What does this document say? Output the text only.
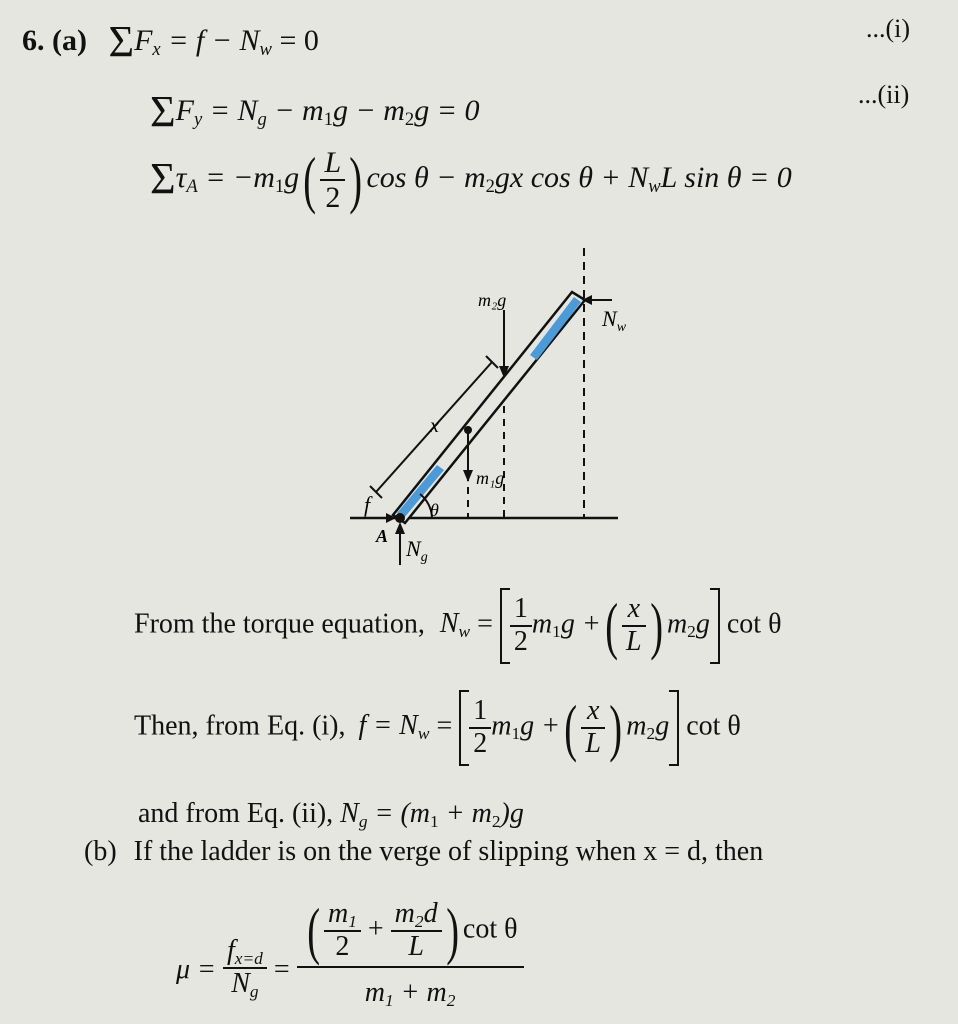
6. (a) ΣFx = f − Nw = 0	...(i)
ΣFy = Ng − m1g − m2g = 0	...(ii)
$\Sigma\tau A = -m1g( \frac{L}{2}$ ) cos θ − m2gx cos θ + NwL sin θ = 0
m₂g
$N_w$
x
m₁g
θ
f
A $N_g$
From the torque equation, $Nw = \frac{1}{2} m1g$ +( $\frac{x}{L}$ ) m2g cot θ
Then, from Eq. (i), $f = Nw = \frac{1}{2} m1g$ +( $\frac{x}{L}$ ) m2g cot θ
and from Eq. (ii), Ng = (m1 + m2)g
(b) If the ladder is on the verge of slipping when x = d, then
$\mu = \frac{fx=d}{Ng} = \frac{( \frac{m1}{2} + \frac{m2d}{L} ) \cot \theta}{m1 + m2}$
